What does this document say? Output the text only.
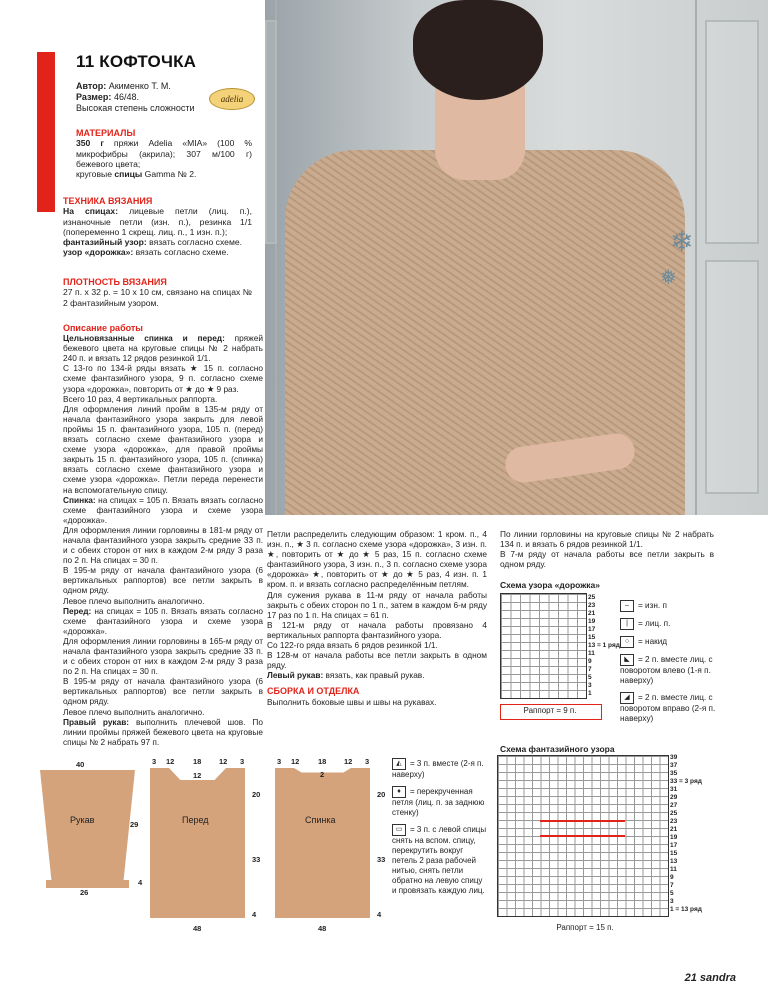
11 КОФТОЧКА
Автор: Акименко Т. М.
Размер: 46/48.
Высокая степень сложности
adelia

МАТЕРИАЛЫ

350 г пряжи Adelia «MIA» (100 % микрофибры (акрила); 307 м/100 г) бежевого цвета;

круговые спицы Gamma № 2.

ТЕХНИКА ВЯЗАНИЯ

На спицах: лицевые петли (лиц. п.), изнаночные петли (изн. п.), резинка 1/1 (попеременно 1 скрещ. лиц. п., 1 изн. п.);

фантазийный узор: вязать согласно схеме.

узор «дорожка»: вязать согласно схеме.

ПЛОТНОСТЬ ВЯЗАНИЯ

27 п. х 32 р. = 10 х 10 см, связано на спицах № 2 фантазийным узором.

Описание работы

Цельновязанные спинка и перед: пряжей бежевого цвета на круговые спицы № 2 набрать 240 п. и вязать 12 рядов резинкой 1/1.

С 13-го по 134-й ряды вязать ★ 15 п. согласно схеме фантазийного узора, 9 п. согласно схеме узора «дорожка», повторить от ★ до ★ 9 раз.

Всего 10 раз, 4 вертикальных раппорта.

Для оформления линий пройм в 135-м ряду от начала фантазийного узора закрыть для левой проймы 15 п. фантазийного узора, 105 п. (перед) вязать согласно схеме фантазийного узора и схеме узора «дорожка», для правой проймы закрыть 15 п. фантазийного узора, 105 п. (спинка) вязать согласно схеме фантазийного узора и схеме узора «дорожка». Петли переда перенести на вспомогательную спицу.

Спинка: на спицах = 105 п. Вязать вязать согласно схеме фантазийного узора и схеме узора «дорожка».

Для оформления линии горловины в 181-м ряду от начала фантазийного узора закрыть средние 33 п. и с обеих сторон от них в каждом 2-м ряду 3 раза по 2 п. На спицах = 30 п.

В 195-м ряду от начала фантазийного узора (6 вертикальных раппортов) все петли закрыть в одном ряду.

Левое плечо выполнить аналогично.

Перед: на спицах = 105 п. Вязать вязать согласно схеме фантазийного узора и схеме узора «дорожка».

Для оформления линии горловины в 165-м ряду от начала фантазийного узора закрыть средние 33 п. и с обеих сторон от них в каждом 2-м ряду 3 раза по 2 п. На спицах = 30 п.

В 195-м ряду от начала фантазийного узора (6 вертикальных раппортов) все петли закрыть в одном ряду.

Левое плечо выполнить аналогично.

Правый рукав: выполнить плечевой шов. По линии проймы пряжей бежевого цвета на круговые спицы № 2 набрать 97 п.

❄
❅

Петли распределить следующим образом: 1 кром. п., 4 изн. п., ★ 3 п. согласно схеме узора «дорожка», 3 изн. п. ★, повторить от ★ до ★ 5 раз, 15 п. согласно схеме фантазийного узора, 3 изн. п., 3 п. согласно схеме узора «дорожка» ★, повторить от ★ до ★ 5 раз, 4 изн. п. 1 кром. п. и вязать согласно распределённым петлям.

Для сужения рукава в 11-м ряду от начала работы закрыть с обеих сторон по 1 п., затем в каждом 6-м ряду 17 раз по 1 п. На спицах = 61 п.

В 121-м ряду от начала работы провязано 4 вертикальных раппорта фантазийного узора.

Со 122-го ряда вязать 6 рядов резинкой 1/1.

В 128-м от начала работы все петли закрыть в одном ряду.

Левый рукав: вязать, как правый рукав.

СБОРКА И ОТДЕЛКА

Выполнить боковые швы и швы на рукавах.

По линии горловины на круговые спицы № 2 набрать 134 п. и вязать 6 рядов резинкой 1/1.

В 7-м ряду от начала работы все петли закрыть в одном ряду.

Схема узора «дорожка»
25
23
21
19
17
15
13 = 1 ряд
11
9
7
5
3
1
Раппорт = 9 п.
– = изн. п
| = лиц. п.
○ = накид
◣ = 2 п. вместе лиц. с поворотом влево (1-я п. наверху)
◢ = 2 п. вместе лиц. с поворотом вправо (2-я п. наверху)
Схема фантазийного узора
39
37
35
33 = 3 ряд
31
29
27
25
23
21
19
17
15
13
11
9
7
5
3
1 = 13 ряд
Раппорт = 15 п.
◭ = 3 п. вместе (2-я п. наверху)
♦ = перекрученная петля (лиц. п. за заднюю стенку)
▭ = 3 п. с левой спицы снять на вспом. спицу, перекрутить вокруг петель 2 раза рабочей нитью, снять петли обратно на левую спицу и провязать каждую лиц.
40
Рукав	29
26
4
3 12 18 12 3
12
Перед
20
33
4
48
3 12 18 12 3
2
Спинка
20
33
4
48
21 sandra
